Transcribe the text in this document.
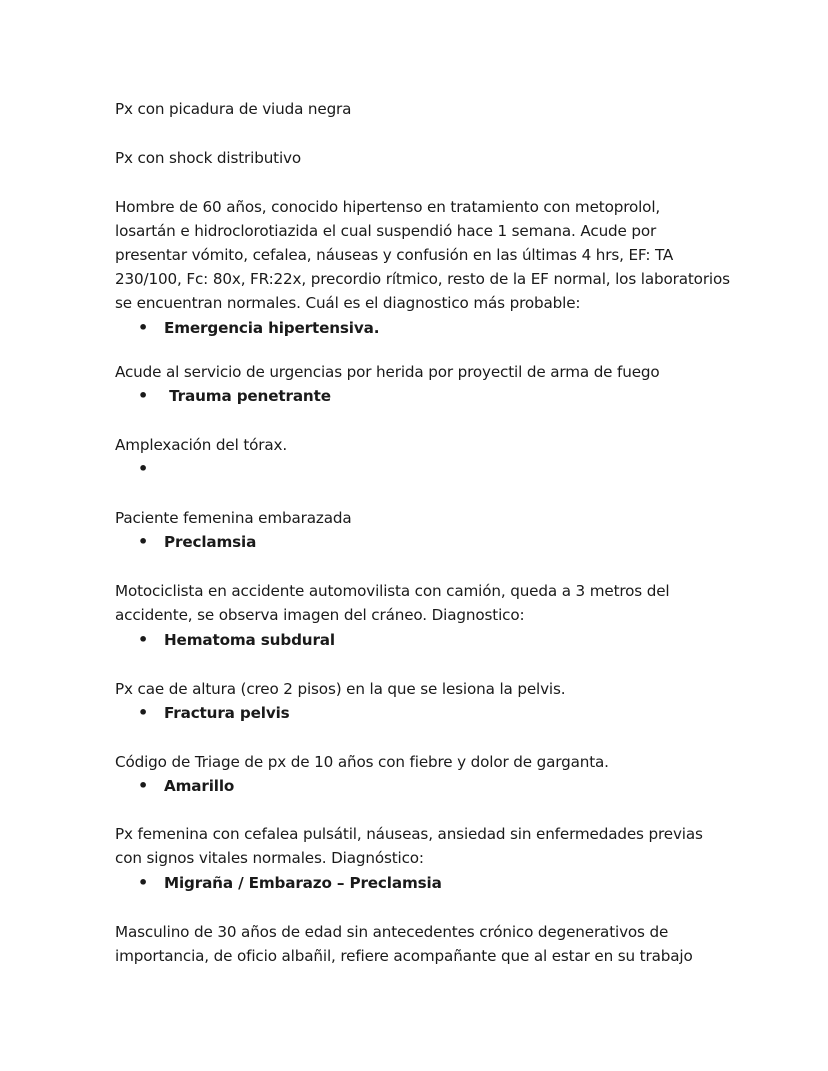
Px con picadura de viuda negra
Px con shock distributivo
Hombre de 60 años, conocido hipertenso en tratamiento con metoprolol,
losartán e hidroclorotiazida el cual suspendió hace 1 semana. Acude por
presentar vómito, cefalea, náuseas y confusión en las últimas 4 hrs, EF: TA
230/100, Fc: 80x, FR:22x, precordio rítmico, resto de la EF normal, los laboratorios
se encuentran normales. Cuál es el diagnostico más probable:
•Emergencia hipertensiva.
Acude al servicio de urgencias por herida por proyectil de arma de fuego
• Trauma penetrante
Amplexación del tórax.
•
Paciente femenina embarazada
•Preclamsia
Motociclista en accidente automovilista con camión, queda a 3 metros del
accidente, se observa imagen del cráneo. Diagnostico:
•Hematoma subdural
Px cae de altura (creo 2 pisos) en la que se lesiona la pelvis.
•Fractura pelvis
Código de Triage de px de 10 años con fiebre y dolor de garganta.
•Amarillo
Px femenina con cefalea pulsátil, náuseas, ansiedad sin enfermedades previas
con signos vitales normales. Diagnóstico:
•Migraña / Embarazo – Preclamsia
Masculino de 30 años de edad sin antecedentes crónico degenerativos de
importancia, de oficio albañil, refiere acompañante que al estar en su trabajo
